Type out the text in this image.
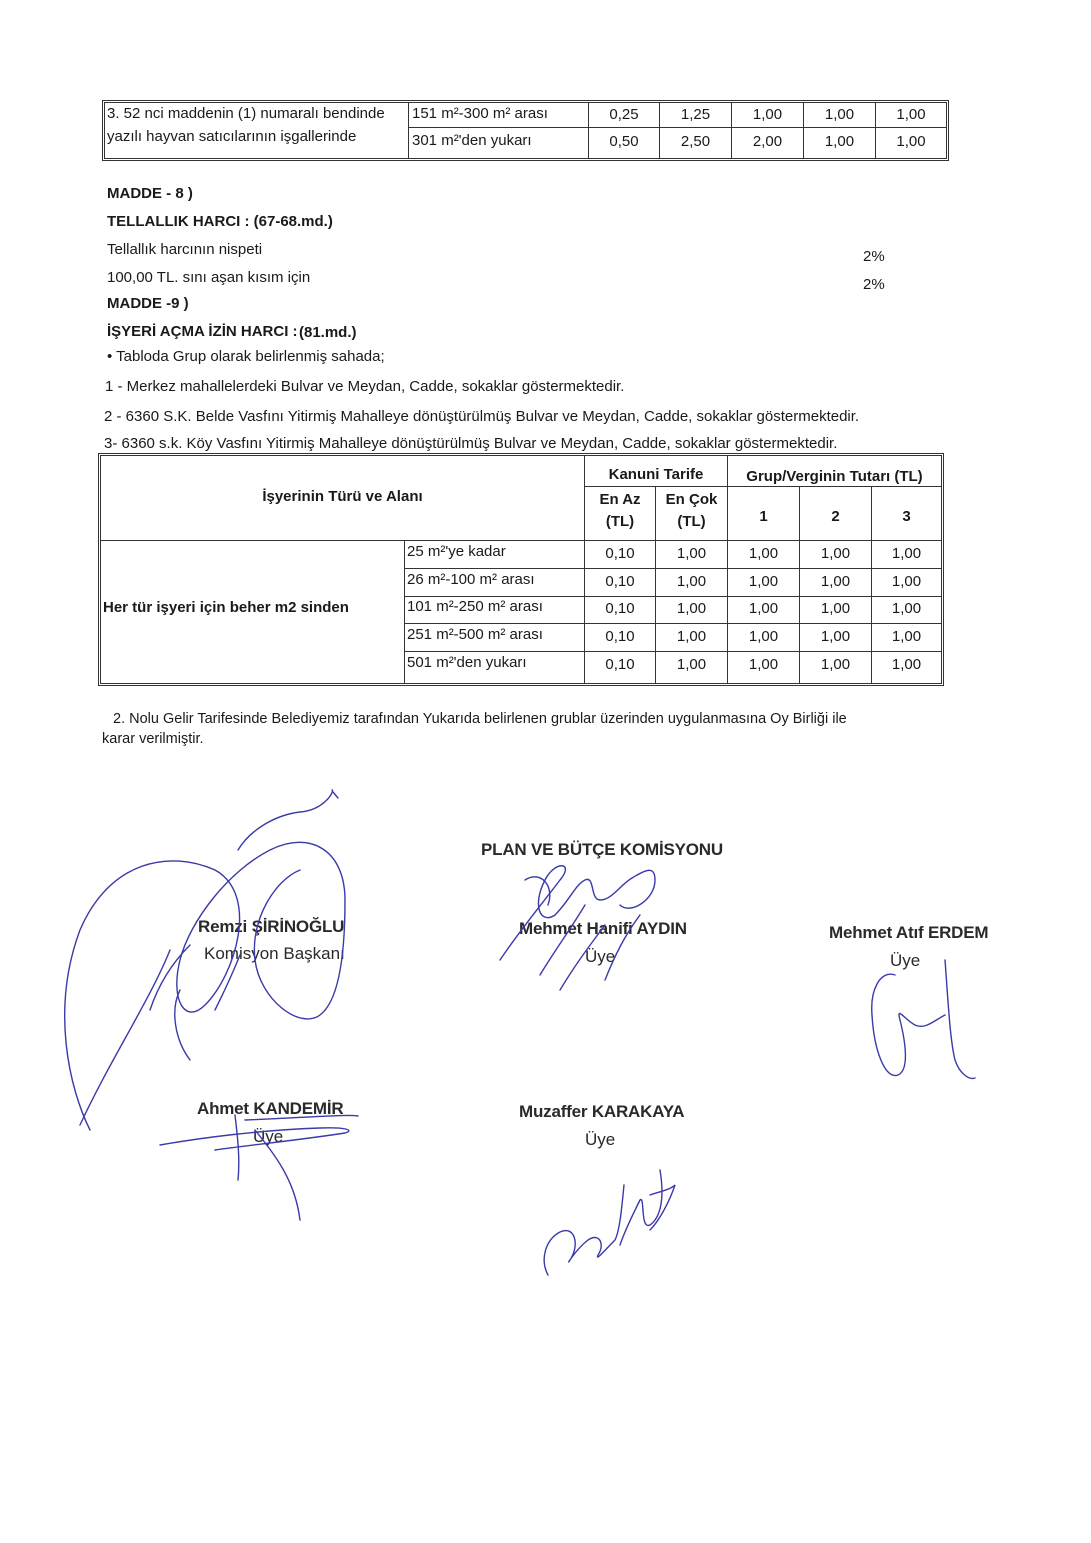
3. 52 nci maddenin (1) numaralı bendinde
yazılı hayvan satıcılarının işgallerinde
151 m²-300 m² arası	0,25	1,25	1,00	1,00	1,00
301 m²'den yukarı	0,50	2,50	2,00	1,00	1,00
MADDE - 8 )
TELLALLIK HARCI : (67-68.md.)
Tellallık harcının nispeti	2%
100,00 TL. sını aşan kısım için	2%
MADDE -9 )
İŞYERİ AÇMA İZİN HARCI : (81.md.)
• Tabloda Grup olarak belirlenmiş sahada;
1 - Merkez mahallelerdeki Bulvar ve Meydan, Cadde, sokaklar göstermektedir.
2 - 6360 S.K. Belde Vasfını Yitirmiş Mahalleye dönüştürülmüş Bulvar ve Meydan, Cadde, sokaklar göstermektedir.
3- 6360 s.k. Köy Vasfını Yitirmiş Mahalleye dönüştürülmüş Bulvar ve Meydan, Cadde, sokaklar göstermektedir.
İşyerinin Türü ve Alanı
Kanuni Tarife	Grup/Verginin Tutarı (TL)
En Az
(TL)
En Çok
(TL)	1	2	3
Her tür işyeri için beher m2 sinden
25 m²'ye kadar	0,10	1,00	1,00	1,00	1,00
26 m²-100 m² arası	0,10	1,00	1,00	1,00	1,00
101 m²-250 m² arası	0,10	1,00	1,00	1,00	1,00
251 m²-500 m² arası	0,10	1,00	1,00	1,00	1,00
501 m²'den yukarı	0,10	1,00	1,00	1,00	1,00
2. Nolu Gelir Tarifesinde Belediyemiz tarafından Yukarıda belirlenen grublar üzerinden uygulanmasına Oy Birliği ile
karar verilmiştir.
PLAN VE BÜTÇE KOMİSYONU
Remzi ŞİRİNOĞLU
Komisyon Başkanı
Mehmet Hanifi AYDIN
Üye
Mehmet Atıf ERDEM
Üye
Ahmet KANDEMİR
Üye
Muzaffer KARAKAYA
Üye
